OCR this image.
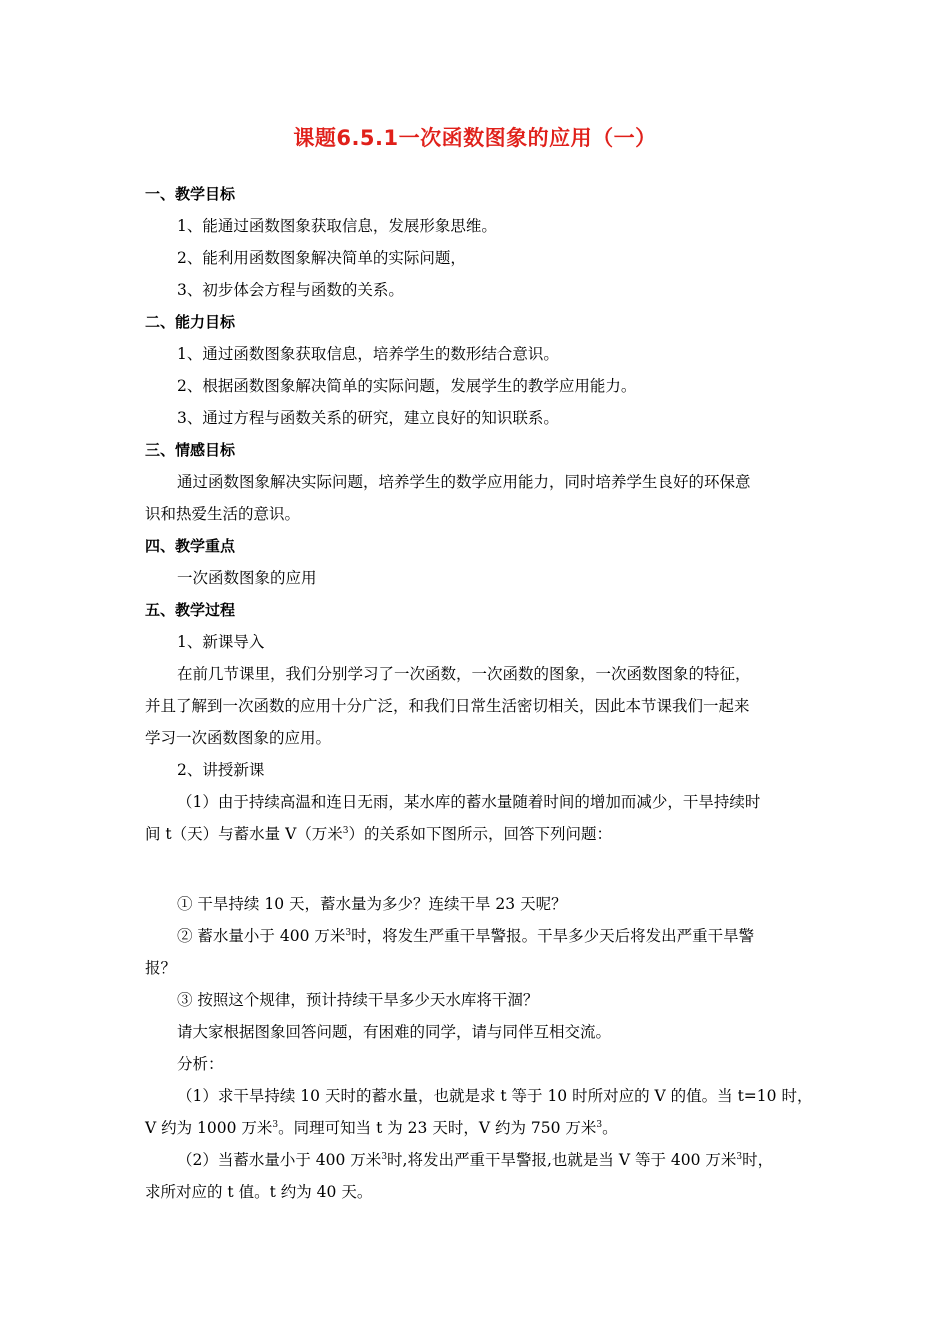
课题6.5.1一次函数图象的应用（一）
一、教学目标
1、能通过函数图象获取信息，发展形象思维。
2、能利用函数图象解决简单的实际问题，
3、初步体会方程与函数的关系。
二、能力目标
1、通过函数图象获取信息，培养学生的数形结合意识。
2、根据函数图象解决简单的实际问题，发展学生的教学应用能力。
3、通过方程与函数关系的研究，建立良好的知识联系。
三、情感目标
通过函数图象解决实际问题，培养学生的数学应用能力，同时培养学生良好的环保意
识和热爱生活的意识。
四、教学重点
一次函数图象的应用
五、教学过程
1、新课导入
在前几节课里，我们分别学习了一次函数，一次函数的图象，一次函数图象的特征，
并且了解到一次函数的应用十分广泛，和我们日常生活密切相关，因此本节课我们一起来
学习一次函数图象的应用。
2、讲授新课
（1）由于持续高温和连日无雨，某水库的蓄水量随着时间的增加而减少，干旱持续时
间 t（天）与蓄水量 V（万米$^3$）的关系如下图所示，回答下列问题：
① 干旱持续 10 天，蓄水量为多少？连续干旱 23 天呢？
② 蓄水量小于 400 万米$^3$时，将发生严重干旱警报。干旱多少天后将发出严重干旱警
报？
③ 按照这个规律，预计持续干旱多少天水库将干涸？
请大家根据图象回答问题，有困难的同学，请与同伴互相交流。
分析：
（1）求干旱持续 10 天时的蓄水量，也就是求 t 等于 10 时所对应的 V 的值。当 t=10 时，
V 约为 1000 万米$^3$。同理可知当 t 为 23 天时，V 约为 750 万米$^3$。
（2）当蓄水量小于 400 万米$^3$时,将发出严重干旱警报,也就是当 V 等于 400 万米$^3$时，
求所对应的 t 值。t 约为 40 天。
